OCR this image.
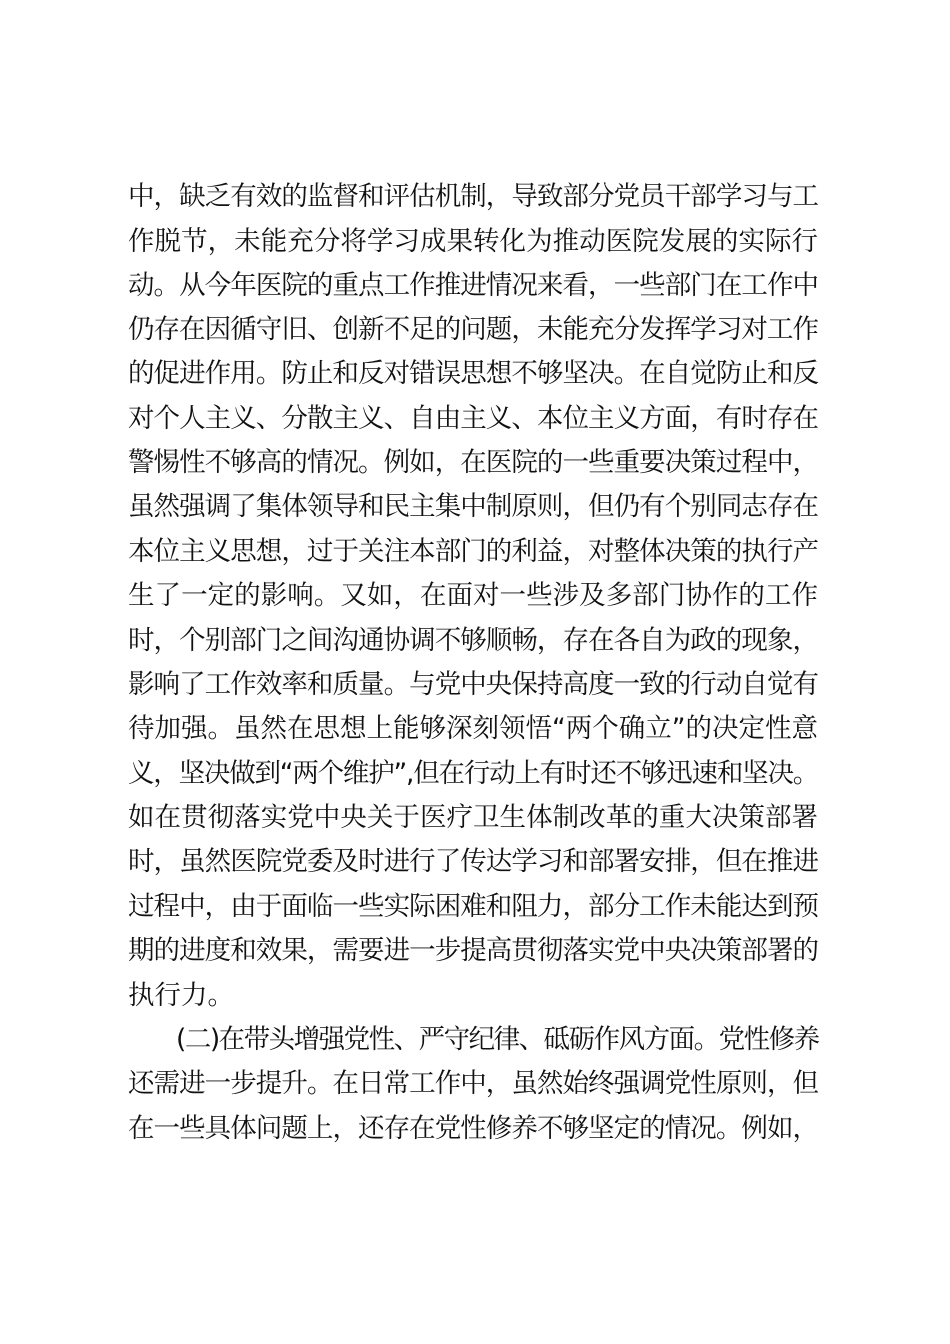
中，缺乏有效的监督和评估机制，导致部分党员干部学习与工
作脱节，未能充分将学习成果转化为推动医院发展的实际行
动。从今年医院的重点工作推进情况来看，一些部门在工作中
仍存在因循守旧、创新不足的问题，未能充分发挥学习对工作
的促进作用。防止和反对错误思想不够坚决。在自觉防止和反
对个人主义、分散主义、自由主义、本位主义方面，有时存在
警惕性不够高的情况。例如，在医院的一些重要决策过程中，
虽然强调了集体领导和民主集中制原则，但仍有个别同志存在
本位主义思想，过于关注本部门的利益，对整体决策的执行产
生了一定的影响。又如，在面对一些涉及多部门协作的工作
时，个别部门之间沟通协调不够顺畅，存在各自为政的现象，
影响了工作效率和质量。与党中央保持高度一致的行动自觉有
待加强。虽然在思想上能够深刻领悟“两个确立”的决定性意
义，坚决做到“两个维护”,但在行动上有时还不够迅速和坚决。
如在贯彻落实党中央关于医疗卫生体制改革的重大决策部署
时，虽然医院党委及时进行了传达学习和部署安排，但在推进
过程中，由于面临一些实际困难和阻力，部分工作未能达到预
期的进度和效果，需要进一步提高贯彻落实党中央决策部署的
执行力。
(二)在带头增强党性、严守纪律、砥砺作风方面。党性修养
还需进一步提升。在日常工作中，虽然始终强调党性原则，但
在一些具体问题上，还存在党性修养不够坚定的情况。例如，
